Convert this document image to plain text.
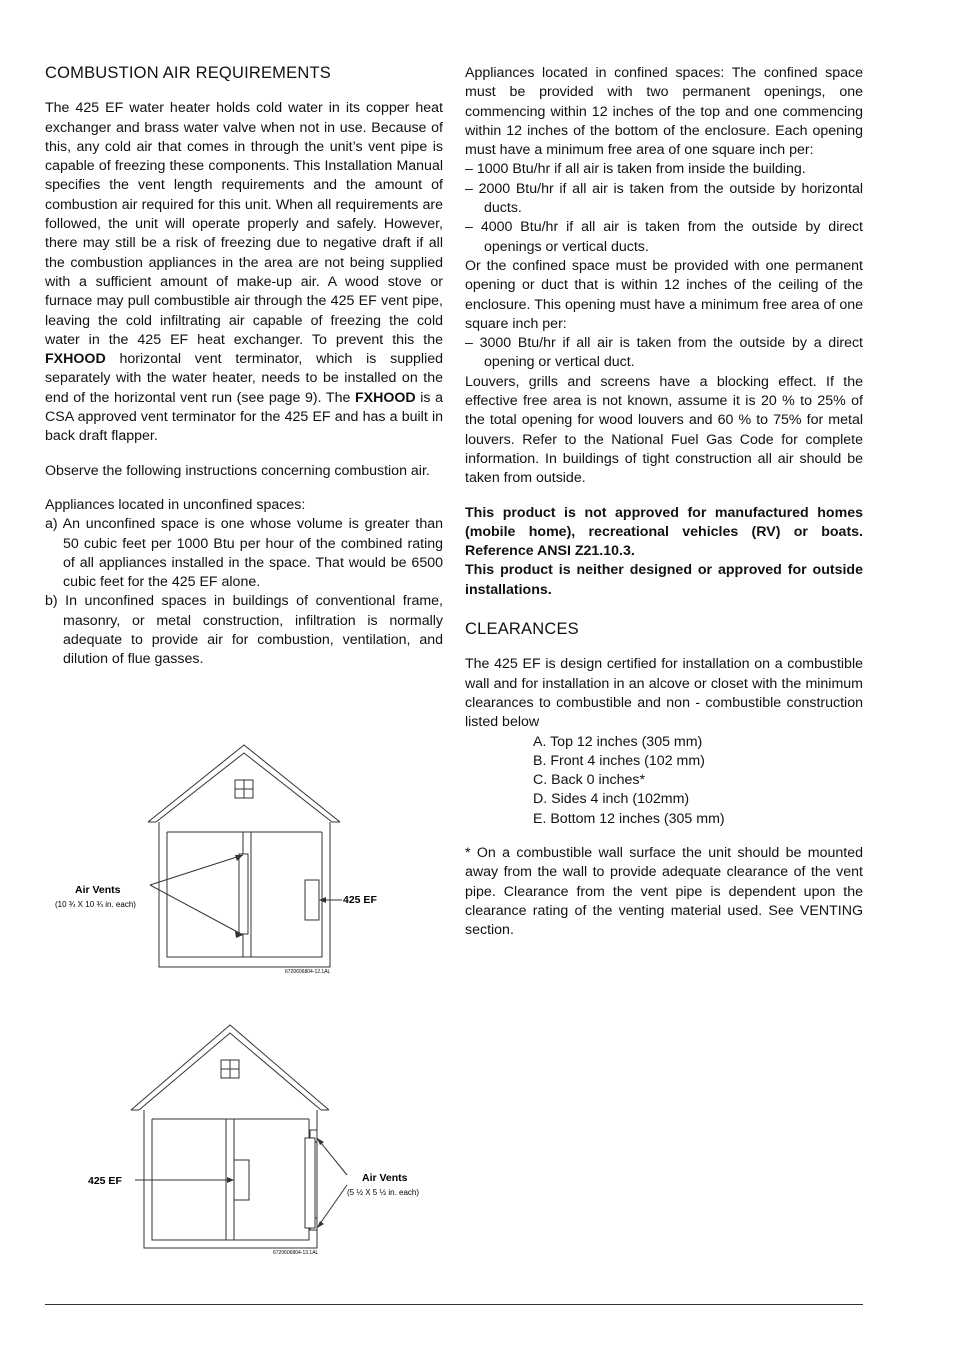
COMBUSTION AIR REQUIREMENTS

The 425 EF water heater holds cold water in its copper heat exchanger and brass water valve when not in use. Because of this, any cold air that comes in through the unit’s vent pipe is capable of freezing these components. This Installation Manual specifies the vent length requirements and the amount of combustion air required for this unit. When all requirements are followed, the unit will operate properly and safely. However, there may still be a risk of freezing due to negative draft if all the combustion appliances in the area are not being supplied with a sufficient amount of make-up air. A wood stove or furnace may pull combustible air through the 425 EF vent pipe, leaving the cold infiltrating air capable of freezing the cold water in the 425 EF heat exchanger. To prevent this the FXHOOD horizontal vent terminator, which is supplied separately with the water heater, needs to be installed on the end of the horizontal vent run (see page 9). The FXHOOD is a CSA approved vent terminator for the 425 EF and has a built in back draft flapper.

Observe the following instructions concerning combustion air.

Appliances located in unconfined spaces:

a) An unconfined space is one whose volume is greater than 50 cubic feet per 1000 Btu per hour of the combined rating of all appliances installed in the space. That would be 6500 cubic feet for the 425 EF alone.
b) In unconfined spaces in buildings of conventional frame, masonry, or metal construction, infiltration is normally adequate to provide air for combustion, ventilation, and dilution of flue gasses.

Appliances located in confined spaces: The confined space must be provided with two permanent openings, one commencing within 12 inches of the top and one commencing within 12 inches of the bottom of the enclosure. Each opening must have a minimum free area of one square inch per:

– 1000 Btu/hr if all air is taken from inside the building.
– 2000 Btu/hr if all air is taken from the outside by horizontal ducts.
– 4000 Btu/hr if all air is taken from the outside by direct openings or vertical ducts.

Or the confined space must be provided with one permanent opening or duct that is within 12 inches of the ceiling of the enclosure. This opening must have a minimum free area of one square inch per:

– 3000 Btu/hr if all air is taken from the outside by a direct opening or vertical duct.

Louvers, grills and screens have a blocking effect. If the effective free area is not known, assume it is 20 % to 25% of the total opening for wood louvers and 60 % to 75% for metal louvers. Refer to the National Fuel Gas Code for complete information. In buildings of tight construction all air should be taken from outside.

This product is not approved for manufactured homes (mobile home), recreational vehicles (RV) or boats. Reference ANSI Z21.10.3.

This product is neither designed or approved for outside installations.

CLEARANCES

The 425 EF is design certified for installation on a combustible wall and for installation in an alcove or closet with the minimum clearances to combustible and non - combustible construction listed below

A. Top 12 inches (305 mm)
B. Front 4 inches (102 mm)
C. Back 0 inches*
D. Sides 4 inch (102mm)
E. Bottom 12 inches (305 mm)

* On a combustible wall surface the unit should be mounted away from the wall to provide adequate clearance of the vent pipe. Clearance from the vent pipe is dependent upon the clearance rating of the venting material used. See VENTING section.

Air Vents
(10 ¾ X 10 ¾ in. each)	425 EF
6720606804-12.1AL
425 EF	Air Vents
(5 ½ X 5 ½ in. each)
6720606804-13.1AL
